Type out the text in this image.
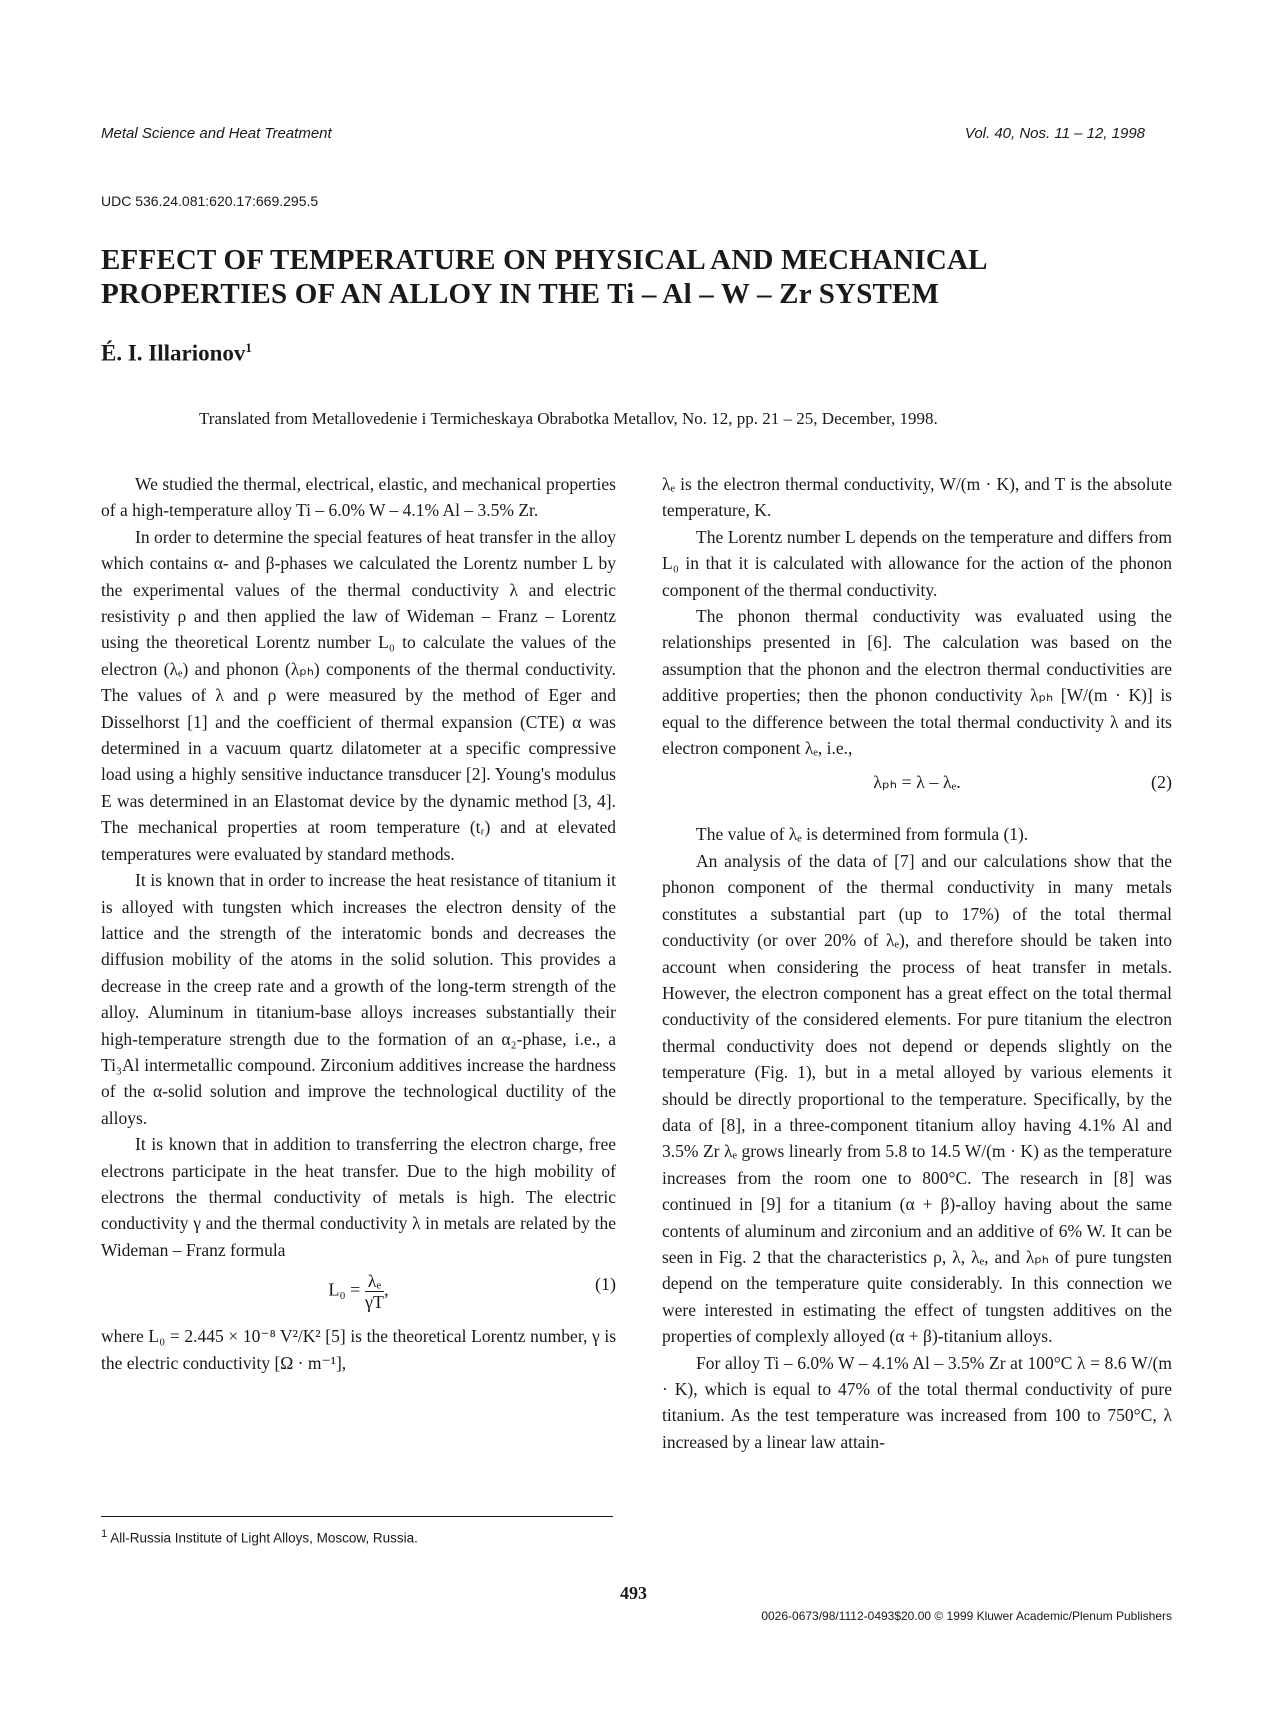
Metal Science and Heat Treatment	Vol. 40, Nos. 11 – 12, 1998
UDC 536.24.081:620.17:669.295.5
EFFECT OF TEMPERATURE ON PHYSICAL AND MECHANICAL
PROPERTIES OF AN ALLOY IN THE Ti – Al – W – Zr SYSTEM
É. I. Illarionov$^1$
Translated from Metallovedenie i Termicheskaya Obrabotka Metallov, No. 12, pp. 21 – 25, December, 1998.

We studied the thermal, electrical, elastic, and mechanical properties of a high-temperature alloy Ti – 6.0% W – 4.1% Al – 3.5% Zr.

In order to determine the special features of heat transfer in the alloy which contains α- and β-phases we calculated the Lorentz number L by the experimental values of the thermal conductivity λ and electric resistivity ρ and then applied the law of Wideman – Franz – Lorentz using the theoretical Lorentz number L₀ to calculate the values of the electron (λₑ) and phonon (λₚₕ) components of the thermal conductivity. The values of λ and ρ were measured by the method of Eger and Disselhorst [1] and the coefficient of thermal expansion (CTE) α was determined in a vacuum quartz dilatometer at a specific compressive load using a highly sensitive inductance transducer [2]. Young's modulus E was determined in an Elastomat device by the dynamic method [3, 4]. The mechanical properties at room temperature (tᵣ) and at elevated temperatures were evaluated by standard methods.

It is known that in order to increase the heat resistance of titanium it is alloyed with tungsten which increases the electron density of the lattice and the strength of the interatomic bonds and decreases the diffusion mobility of the atoms in the solid solution. This provides a decrease in the creep rate and a growth of the long-term strength of the alloy. Aluminum in titanium-base alloys increases substantially their high-temperature strength due to the formation of an α₂-phase, i.e., a Ti₃Al intermetallic compound. Zirconium additives increase the hardness of the α-solid solution and improve the technological ductility of the alloys.

It is known that in addition to transferring the electron charge, free electrons participate in the heat transfer. Due to the high mobility of electrons the thermal conductivity of metals is high. The electric conductivity γ and the thermal conductivity λ in metals are related by the Wideman – Franz formula

$L_0 = \frac{\text{λₑ}}{\gamma T}$ ,	(1)

where L₀ = 2.445 × 10⁻⁸ V²/K² [5] is the theoretical Lorentz number, γ is the electric conductivity [Ω · m⁻¹],

λₑ is the electron thermal conductivity, W/(m · K), and T is the absolute temperature, K.

The Lorentz number L depends on the temperature and differs from L₀ in that it is calculated with allowance for the action of the phonon component of the thermal conductivity.

The phonon thermal conductivity was evaluated using the relationships presented in [6]. The calculation was based on the assumption that the phonon and the electron thermal conductivities are additive properties; then the phonon conductivity λₚₕ [W/(m · K)] is equal to the difference between the total thermal conductivity λ and its electron component λₑ, i.e.,

λₚₕ = λ – λₑ.	(2)

The value of λₑ is determined from formula (1).

An analysis of the data of [7] and our calculations show that the phonon component of the thermal conductivity in many metals constitutes a substantial part (up to 17%) of the total thermal conductivity (or over 20% of λₑ), and therefore should be taken into account when considering the process of heat transfer in metals. However, the electron component has a great effect on the total thermal conductivity of the considered elements. For pure titanium the electron thermal conductivity does not depend or depends slightly on the temperature (Fig. 1), but in a metal alloyed by various elements it should be directly proportional to the temperature. Specifically, by the data of [8], in a three-component titanium alloy having 4.1% Al and 3.5% Zr λₑ grows linearly from 5.8 to 14.5 W/(m · K) as the temperature increases from the room one to 800°C. The research in [8] was continued in [9] for a titanium (α + β)-alloy having about the same contents of aluminum and zirconium and an additive of 6% W. It can be seen in Fig. 2 that the characteristics ρ, λ, λₑ, and λₚₕ of pure tungsten depend on the temperature quite considerably. In this connection we were interested in estimating the effect of tungsten additives on the properties of complexly alloyed (α + β)-titanium alloys.

For alloy Ti – 6.0% W – 4.1% Al – 3.5% Zr at 100°C λ = 8.6 W/(m · K), which is equal to 47% of the total thermal conductivity of pure titanium. As the test temperature was increased from 100 to 750°C, λ increased by a linear law attain-

$^1$ All-Russia Institute of Light Alloys, Moscow, Russia.
493
0026-0673/98/1112-0493$20.00 © 1999 Kluwer Academic/Plenum Publishers
